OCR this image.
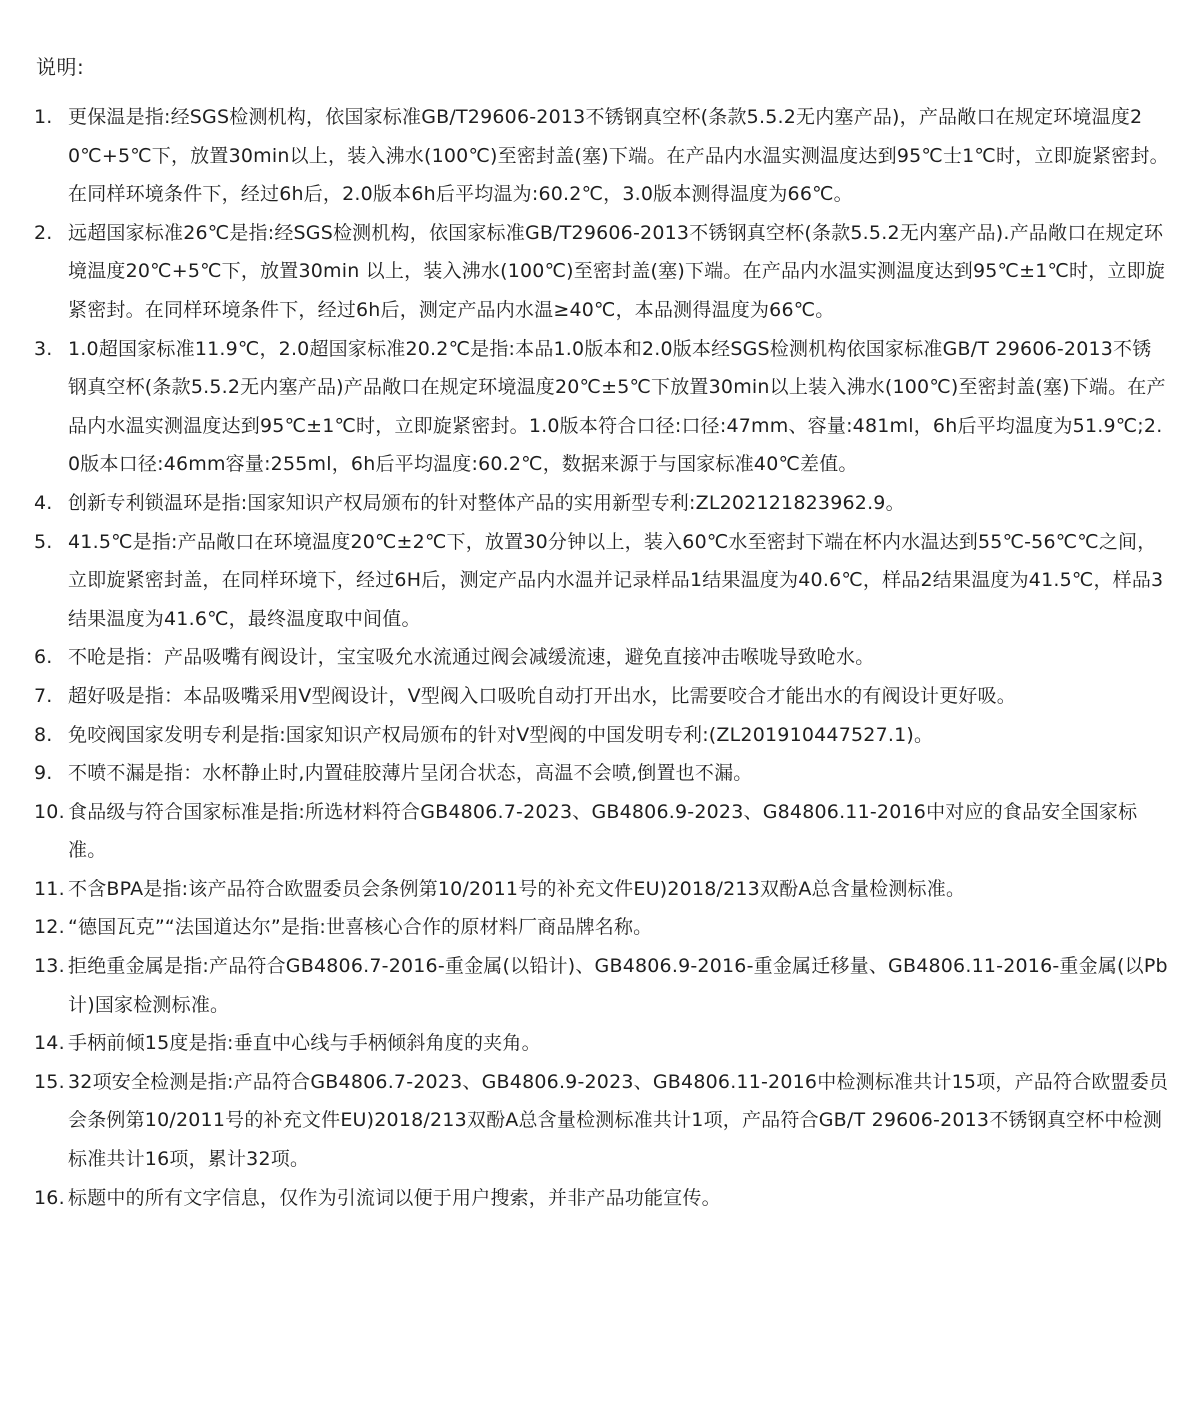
说明:
1. 更保温是指:经SGS检测机构，依国家标准GB/T29606-2013不锈钢真空杯(条款5.5.2无内塞产品)，产品敞口在规定环境温度20℃+5℃下，放置30min以上，装入沸水(100℃)至密封盖(塞)下端。在产品内水温实测温度达到95℃士1℃时，立即旋紧密封。在同样环境条件下，经过6h后，2.0版本6h后平均温为:60.2℃，3.0版本测得温度为66℃。
2. 远超国家标准26℃是指:经SGS检测机构，依国家标准GB/T29606-2013不锈钢真空杯(条款5.5.2无内塞产品).产品敞口在规定环境温度20℃+5℃下，放置30min 以上，装入沸水(100℃)至密封盖(塞)下端。在产品内水温实测温度达到95℃±1℃时，立即旋紧密封。在同样环境条件下，经过6h后，测定产品内水温≥40℃，本品测得温度为66℃。
3. 1.0超国家标准11.9℃，2.0超国家标准20.2℃是指:本品1.0版本和2.0版本经SGS检测机构依国家标准GB/T 29606-2013不锈钢真空杯(条款5.5.2无内塞产品)产品敞口在规定环境温度20℃±5℃下放置30min以上装入沸水(100℃)至密封盖(塞)下端。在产品内水温实测温度达到95℃±1℃时，立即旋紧密封。1.0版本符合口径:口径:47mm、容量:481ml，6h后平均温度为51.9℃;2.0版本口径:46mm容量:255ml，6h后平均温度:60.2℃，数据来源于与国家标准40℃差值。
4. 创新专利锁温环是指:国家知识产权局颁布的针对整体产品的实用新型专利:ZL202121823962.9。
5. 41.5℃是指:产品敞口在环境温度20℃±2℃下，放置30分钟以上，装入60℃水至密封下端在杯内水温达到55℃-56℃℃之间，立即旋紧密封盖，在同样环境下，经过6H后，测定产品内水温并记录样品1结果温度为40.6℃，样品2结果温度为41.5℃，样品3结果温度为41.6℃，最终温度取中间值。
6. 不呛是指：产品吸嘴有阀设计，宝宝吸允水流通过阀会减缓流速，避免直接冲击喉咙导致呛水。
7. 超好吸是指：本品吸嘴采用V型阀设计，V型阀入口吸吮自动打开出水，比需要咬合才能出水的有阀设计更好吸。
8. 免咬阀国家发明专利是指:国家知识产权局颁布的针对V型阀的中国发明专利:(ZL201910447527.1)。
9. 不喷不漏是指：水杯静止时,内置硅胶薄片呈闭合状态，高温不会喷,倒置也不漏。
10. 食品级与符合国家标准是指:所选材料符合GB4806.7-2023、GB4806.9-2023、G84806.11-2016中对应的食品安全国家标准。
11. 不含BPA是指:该产品符合欧盟委员会条例第10/2011号的补充文件EU)2018/213双酚A总含量检测标准。
12. “德国瓦克”“法国道达尔”是指:世喜核心合作的原材料厂商品牌名称。
13. 拒绝重金属是指:产品符合GB4806.7-2016-重金属(以铅计)、GB4806.9-2016-重金属迁移量、GB4806.11-2016-重金属(以Pb计)国家检测标准。
14. 手柄前倾15度是指:垂直中心线与手柄倾斜角度的夹角。
15. 32项安全检测是指:产品符合GB4806.7-2023、GB4806.9-2023、GB4806.11-2016中检测标准共计15项，产品符合欧盟委员会条例第10/2011号的补充文件EU)2018/213双酚A总含量检测标准共计1项，产品符合GB/T 29606-2013不锈钢真空杯中检测标准共计16项，累计32项。
16. 标题中的所有文字信息，仅作为引流词以便于用户搜索，并非产品功能宣传。
